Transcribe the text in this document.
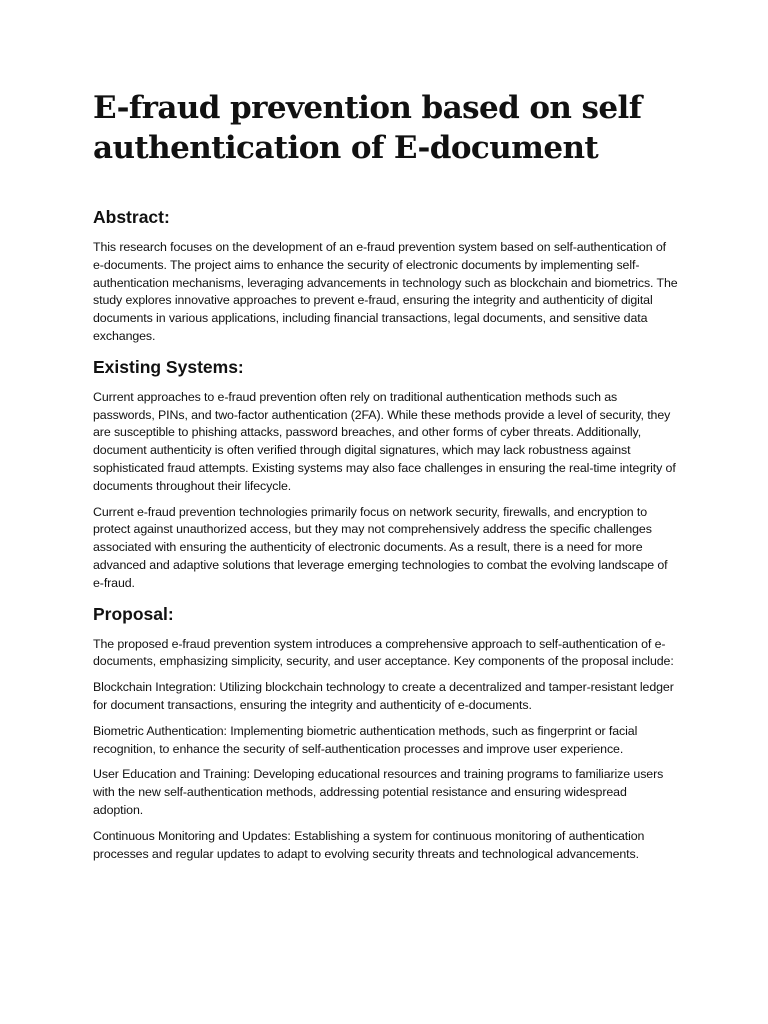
E-fraud prevention based on self authentication of E-document
Abstract:

This research focuses on the development of an e-fraud prevention system based on self-authentication of e-documents. The project aims to enhance the security of electronic documents by implementing self-authentication mechanisms, leveraging advancements in technology such as blockchain and biometrics. The study explores innovative approaches to prevent e-fraud, ensuring the integrity and authenticity of digital documents in various applications, including financial transactions, legal documents, and sensitive data exchanges.

Existing Systems:

Current approaches to e-fraud prevention often rely on traditional authentication methods such as passwords, PINs, and two-factor authentication (2FA). While these methods provide a level of security, they are susceptible to phishing attacks, password breaches, and other forms of cyber threats. Additionally, document authenticity is often verified through digital signatures, which may lack robustness against sophisticated fraud attempts. Existing systems may also face challenges in ensuring the real-time integrity of documents throughout their lifecycle.

Current e-fraud prevention technologies primarily focus on network security, firewalls, and encryption to protect against unauthorized access, but they may not comprehensively address the specific challenges associated with ensuring the authenticity of electronic documents. As a result, there is a need for more advanced and adaptive solutions that leverage emerging technologies to combat the evolving landscape of e-fraud.

Proposal:

The proposed e-fraud prevention system introduces a comprehensive approach to self-authentication of e-documents, emphasizing simplicity, security, and user acceptance. Key components of the proposal include:

Blockchain Integration: Utilizing blockchain technology to create a decentralized and tamper-resistant ledger for document transactions, ensuring the integrity and authenticity of e-documents.

Biometric Authentication: Implementing biometric authentication methods, such as fingerprint or facial recognition, to enhance the security of self-authentication processes and improve user experience.

User Education and Training: Developing educational resources and training programs to familiarize users with the new self-authentication methods, addressing potential resistance and ensuring widespread adoption.

Continuous Monitoring and Updates: Establishing a system for continuous monitoring of authentication processes and regular updates to adapt to evolving security threats and technological advancements.
